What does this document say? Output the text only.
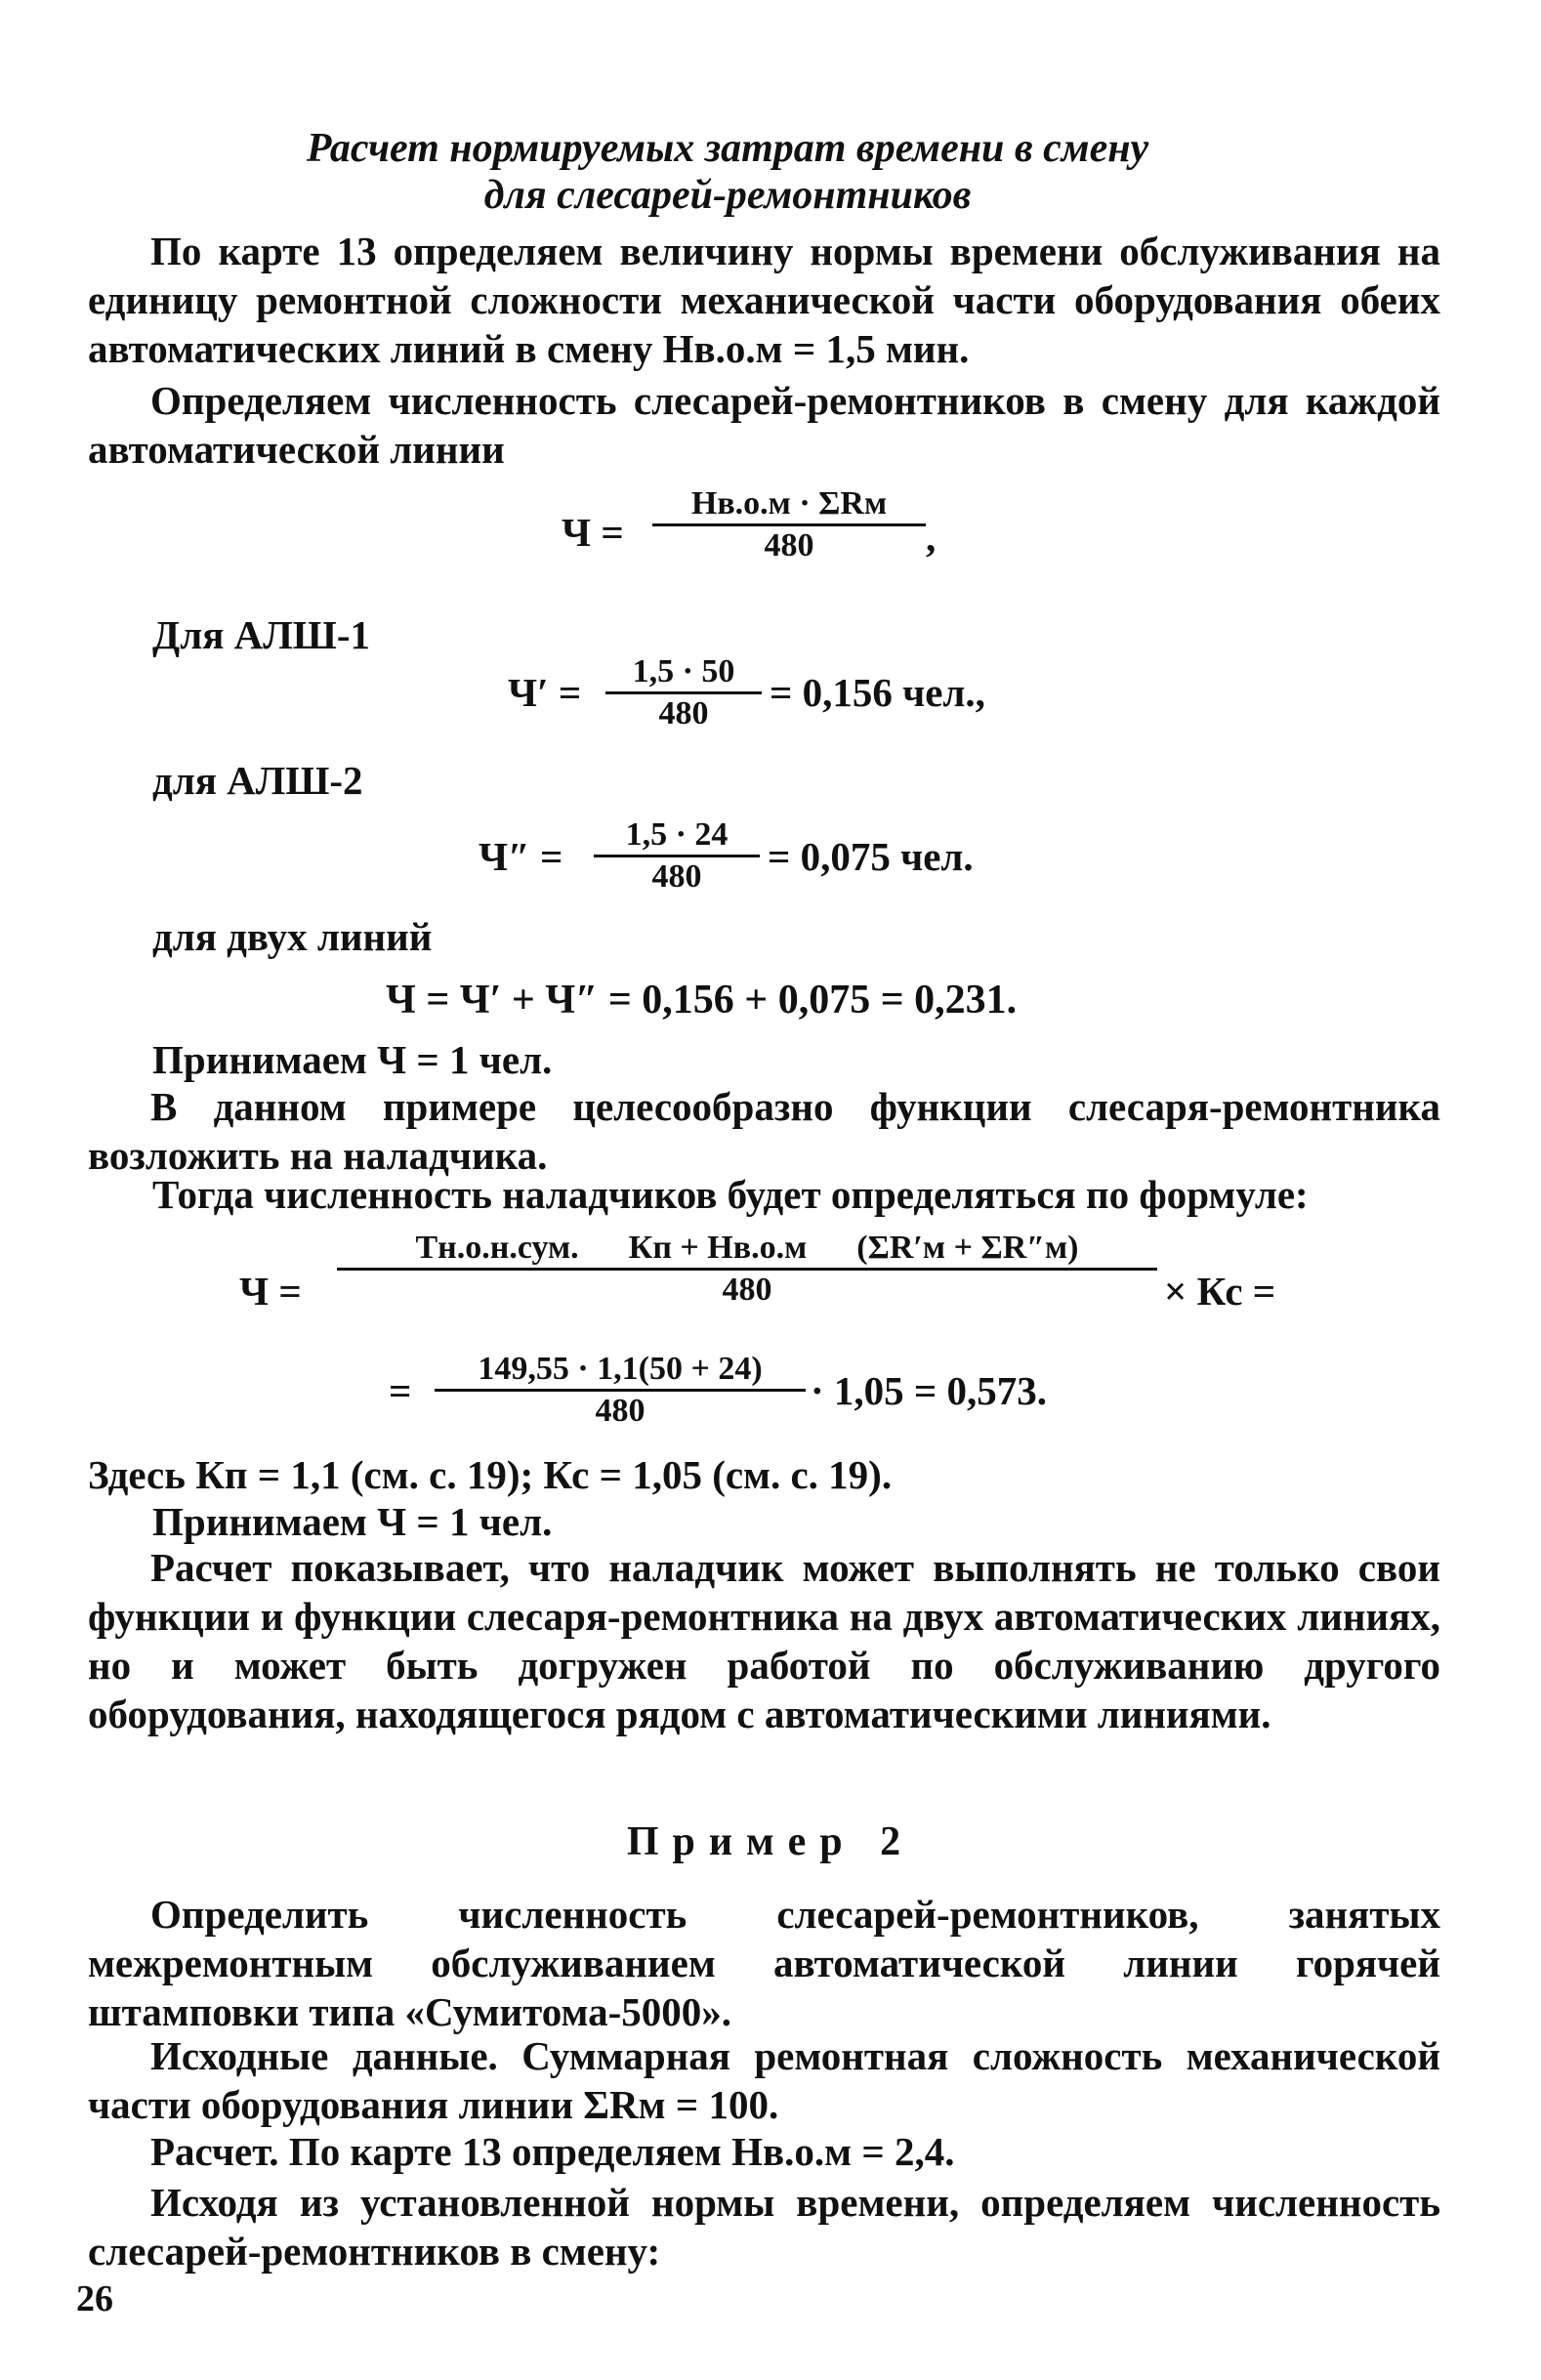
Расчет нормируемых затрат времени в смену
для слесарей-ремонтников
По карте 13 определяем величину нормы времени обслуживания на единицу ремонтной сложности механической части оборудования обеих автоматических линий в смену Нв.о.м = 1,5 мин.
Определяем численность слесарей-ремонтников в смену для каждой автоматической линии
Ч =
Нв.о.м · ΣRм
480	,
Для АЛШ-1
$Ч' = \frac{1,5 \cdot 50}{480} = 0,156$ чел.,
для АЛШ-2
$Ч'' = \frac{1,5 \cdot 24}{480} = 0,075$ чел.
для двух линий
Ч = Ч′ + Ч″ = 0,156 + 0,075 = 0,231.
Принимаем Ч = 1 чел.
В данном примере целесообразно функции слесаря-ремонтника возложить на наладчика.
Тогда численность наладчиков будет определяться по формуле:
Ч =
Тн.о.н.сум.      Кп + Нв.о.м      (ΣR′м + ΣR″м)
480	× Кс =
= $\frac{149,55 \cdot 1,1(50 + 24)}{480} \cdot 1,05 = 0,573$.
Здесь Кп = 1,1 (см. с. 19); Кс = 1,05 (см. с. 19).
Принимаем Ч = 1 чел.
Расчет показывает, что наладчик может выполнять не только свои функции и функции слесаря-ремонтника на двух автоматических линиях, но и может быть догружен работой по обслуживанию другого оборудования, находящегося рядом с автоматическими линиями.
Пример 2
Определить численность слесарей-ремонтников, занятых межремонтным обслуживанием автоматической линии горячей штамповки типа «Сумитома-5000».
Исходные данные. Суммарная ремонтная сложность механической части оборудования линии ΣRм = 100.
Расчет. По карте 13 определяем Нв.о.м = 2,4.
Исходя из установленной нормы времени, определяем численность слесарей-ремонтников в смену:
26
